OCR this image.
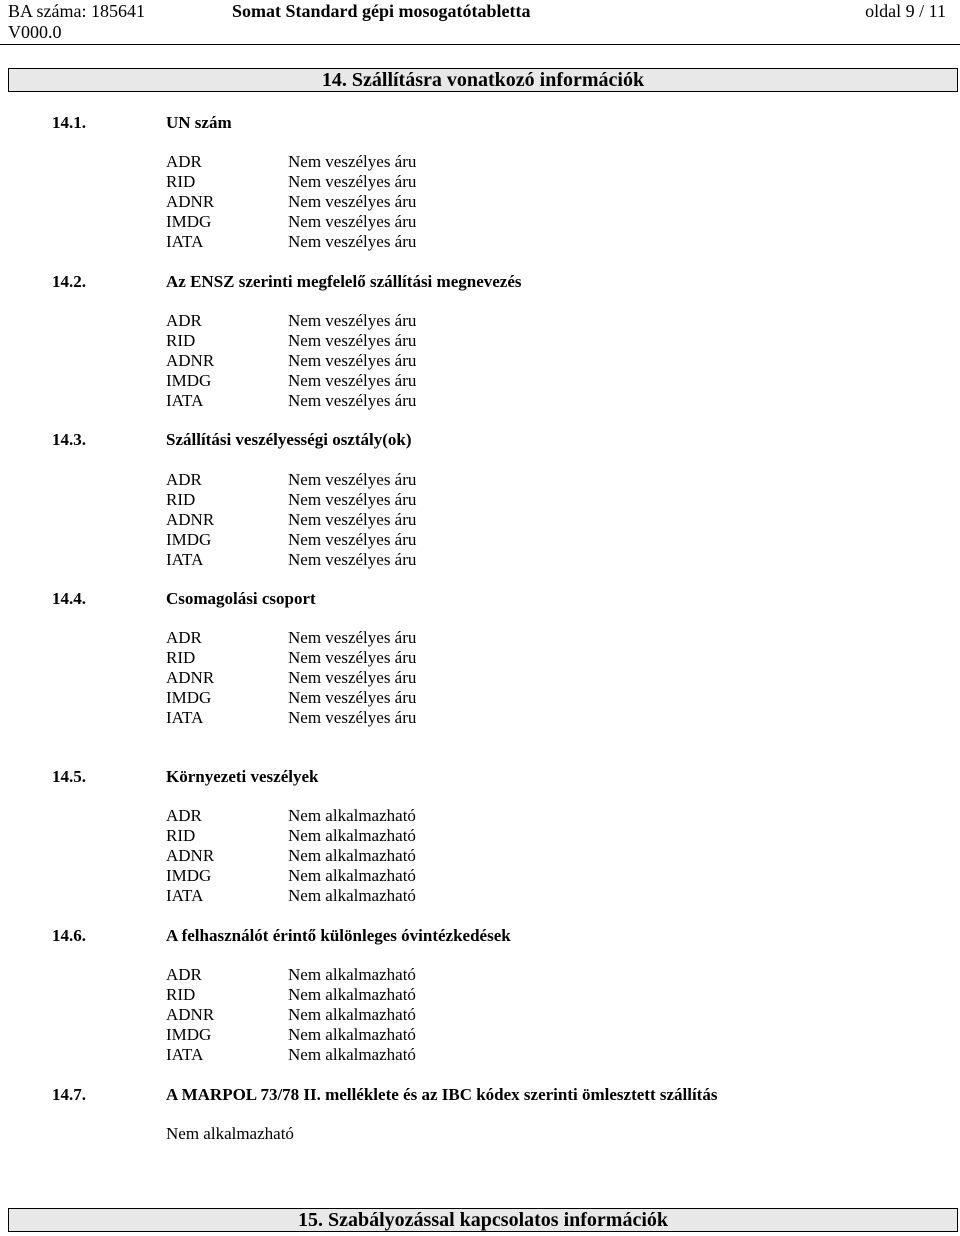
BA száma: 185641
V000.0
Somat Standard gépi mosogatótabletta	oldal 9 / 11
14. Szállításra vonatkozó információk
14.1.	UN szám
ADR	Nem veszélyes áru
RID	Nem veszélyes áru
ADNR	Nem veszélyes áru
IMDG	Nem veszélyes áru
IATA	Nem veszélyes áru
14.2.	Az ENSZ szerinti megfelelő szállítási megnevezés
ADR	Nem veszélyes áru
RID	Nem veszélyes áru
ADNR	Nem veszélyes áru
IMDG	Nem veszélyes áru
IATA	Nem veszélyes áru
14.3.	Szállítási veszélyességi osztály(ok)
ADR	Nem veszélyes áru
RID	Nem veszélyes áru
ADNR	Nem veszélyes áru
IMDG	Nem veszélyes áru
IATA	Nem veszélyes áru
14.4.	Csomagolási csoport
ADR	Nem veszélyes áru
RID	Nem veszélyes áru
ADNR	Nem veszélyes áru
IMDG	Nem veszélyes áru
IATA	Nem veszélyes áru
14.5.	Környezeti veszélyek
ADR	Nem alkalmazható
RID	Nem alkalmazható
ADNR	Nem alkalmazható
IMDG	Nem alkalmazható
IATA	Nem alkalmazható
14.6.	A felhasználót érintő különleges óvintézkedések
ADR	Nem alkalmazható
RID	Nem alkalmazható
ADNR	Nem alkalmazható
IMDG	Nem alkalmazható
IATA	Nem alkalmazható
14.7.	A MARPOL 73/78 II. melléklete és az IBC kódex szerinti ömlesztett szállítás
Nem alkalmazható
15. Szabályozással kapcsolatos információk
